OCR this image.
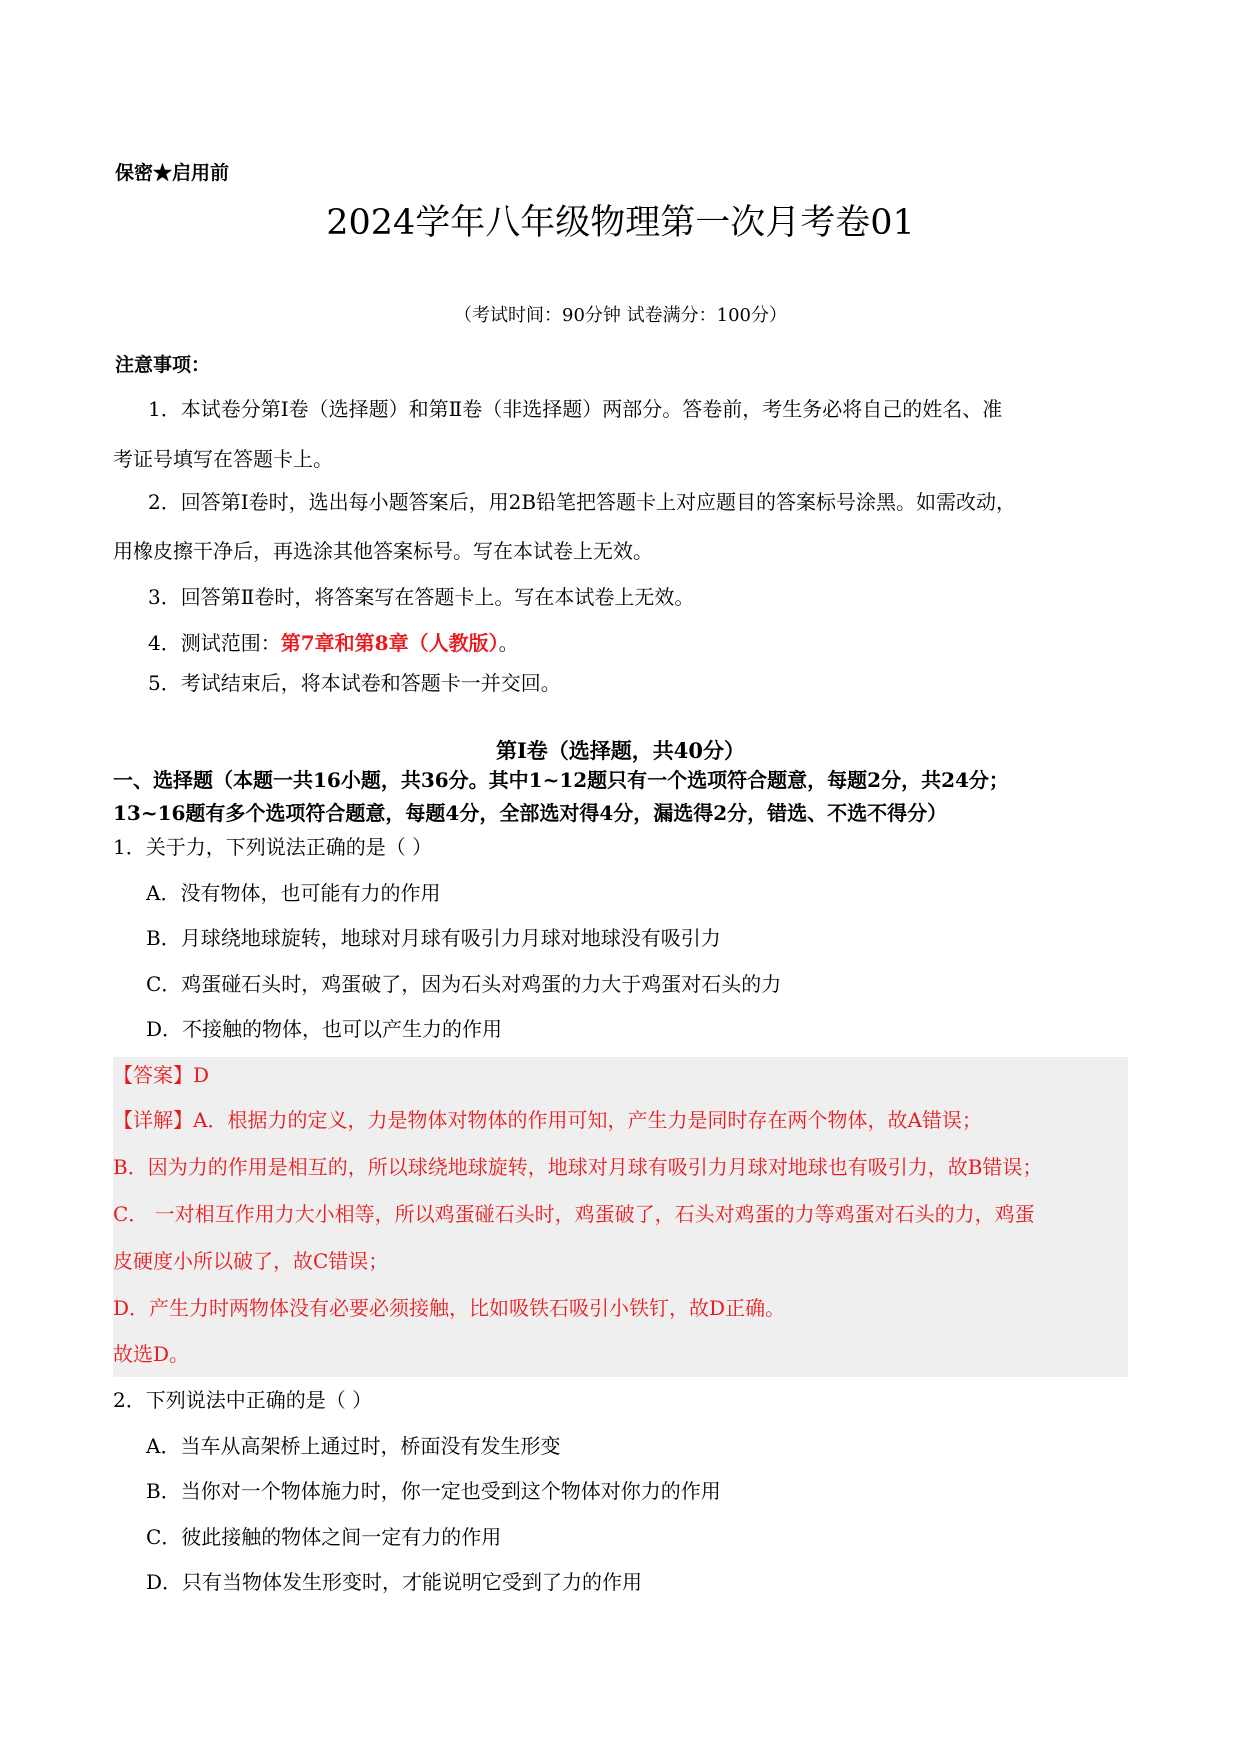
保密★启用前
2024学年八年级物理第一次月考卷01
（考试时间：90分钟 试卷满分：100分）
注意事项：
1．本试卷分第Ⅰ卷（选择题）和第Ⅱ卷（非选择题）两部分。答卷前，考生务必将自己的姓名、准
考证号填写在答题卡上。
2．回答第Ⅰ卷时，选出每小题答案后，用2B铅笔把答题卡上对应题目的答案标号涂黑。如需改动，
用橡皮擦干净后，再选涂其他答案标号。写在本试卷上无效。
3．回答第Ⅱ卷时，将答案写在答题卡上。写在本试卷上无效。
4．测试范围：第7章和第8章（人教版）。
5．考试结束后，将本试卷和答题卡一并交回。
第Ⅰ卷（选择题，共40分）
一、选择题（本题一共16小题，共36分。其中1~12题只有一个选项符合题意，每题2分，共24分；
13~16题有多个选项符合题意，每题4分，全部选对得4分，漏选得2分，错选、不选不得分）
1．关于力，下列说法正确的是（ ）
A．没有物体，也可能有力的作用
B．月球绕地球旋转，地球对月球有吸引力月球对地球没有吸引力
C．鸡蛋碰石头时，鸡蛋破了，因为石头对鸡蛋的力大于鸡蛋对石头的力
D．不接触的物体，也可以产生力的作用
【答案】D
【详解】A．根据力的定义，力是物体对物体的作用可知，产生力是同时存在两个物体，故A错误；
B．因为力的作用是相互的，所以球绕地球旋转，地球对月球有吸引力月球对地球也有吸引力，故B错误；
C． 一对相互作用力大小相等，所以鸡蛋碰石头时，鸡蛋破了，石头对鸡蛋的力等鸡蛋对石头的力，鸡蛋
皮硬度小所以破了，故C错误；
D．产生力时两物体没有必要必须接触，比如吸铁石吸引小铁钉，故D正确。
故选D。
2．下列说法中正确的是（ ）
A．当车从高架桥上通过时，桥面没有发生形变
B．当你对一个物体施力时，你一定也受到这个物体对你力的作用
C．彼此接触的物体之间一定有力的作用
D．只有当物体发生形变时，才能说明它受到了力的作用
